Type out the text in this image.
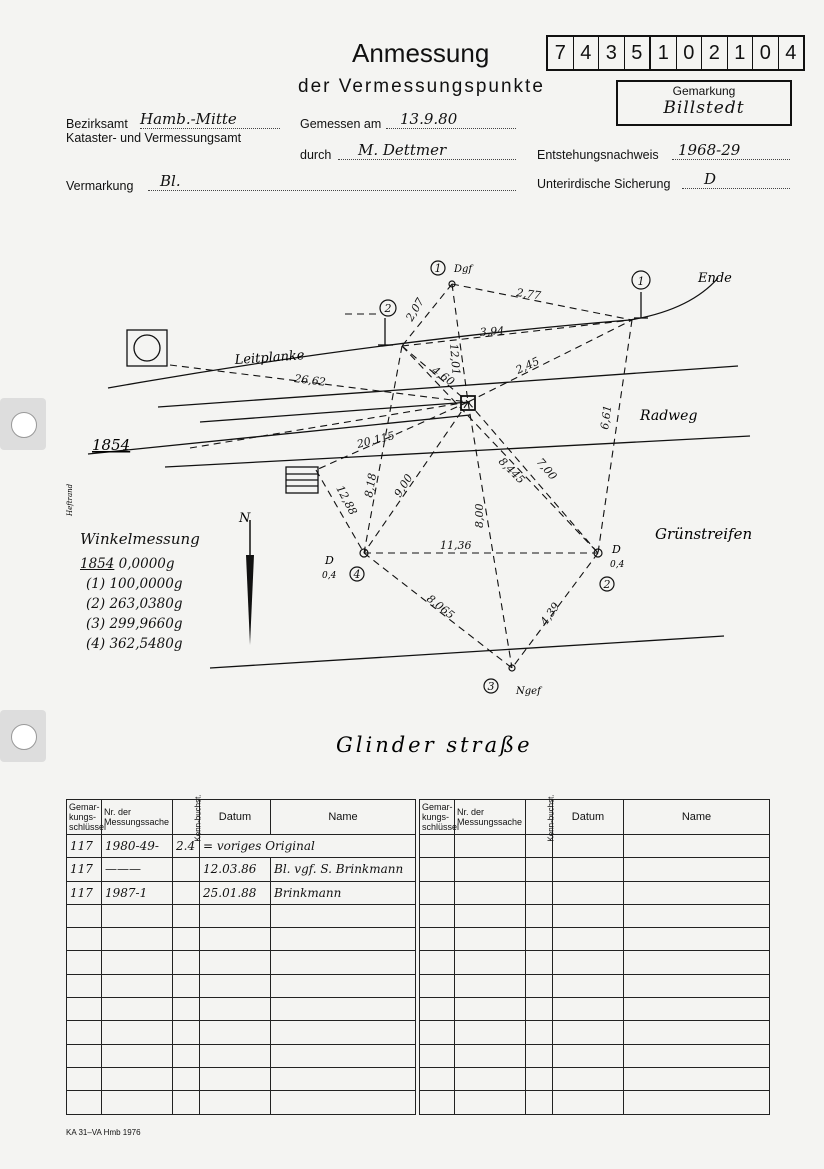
Anmessung
der Vermessungspunkte
7 4 3 5 1 0 2 1 0 4
Gemarkung
Billstedt
Bezirksamt Hamb.-Mitte
Kataster- und Vermessungsamt
Gemessen am	13.9.80
durch	M. Dettmer	Entstehungsnachweis	1968-29
Vermarkung	Bl.	Unterirdische Sicherung	D
1
1
2
4
2
3
N
Leitplanke
Radweg
Grünstreifen
Glinder straße
Ende
1854
Dgf
Ngef
D
0,4
D
0,4
Heftrand
2,07
2,77
12,01
3,94
2,45
26,62	4,60
6,61
20,115
7,00
8,445
12,88 8,18 9,00
8,00
11,36
8,065	4,39
Winkelmessung
1854 0,0000g
(1) 100,0000g
(2) 263,0380g
(3) 299,9660g
(4) 362,5480g
Gemar-kungs-schlüssel	Nr. der Messungssache	Kenn-buchst.	Datum	Name
117	1980-49-	2.4	= voriges Original	
117	———		12.03.86	Bl. vgf. S. Brinkmann
117	1987-1		25.01.88	Brinkmann

Gemar-kungs-schlüssel	Nr. der Messungssache	Kenn-buchst.	Datum	Name

KA 31–VA Hmb 1976
